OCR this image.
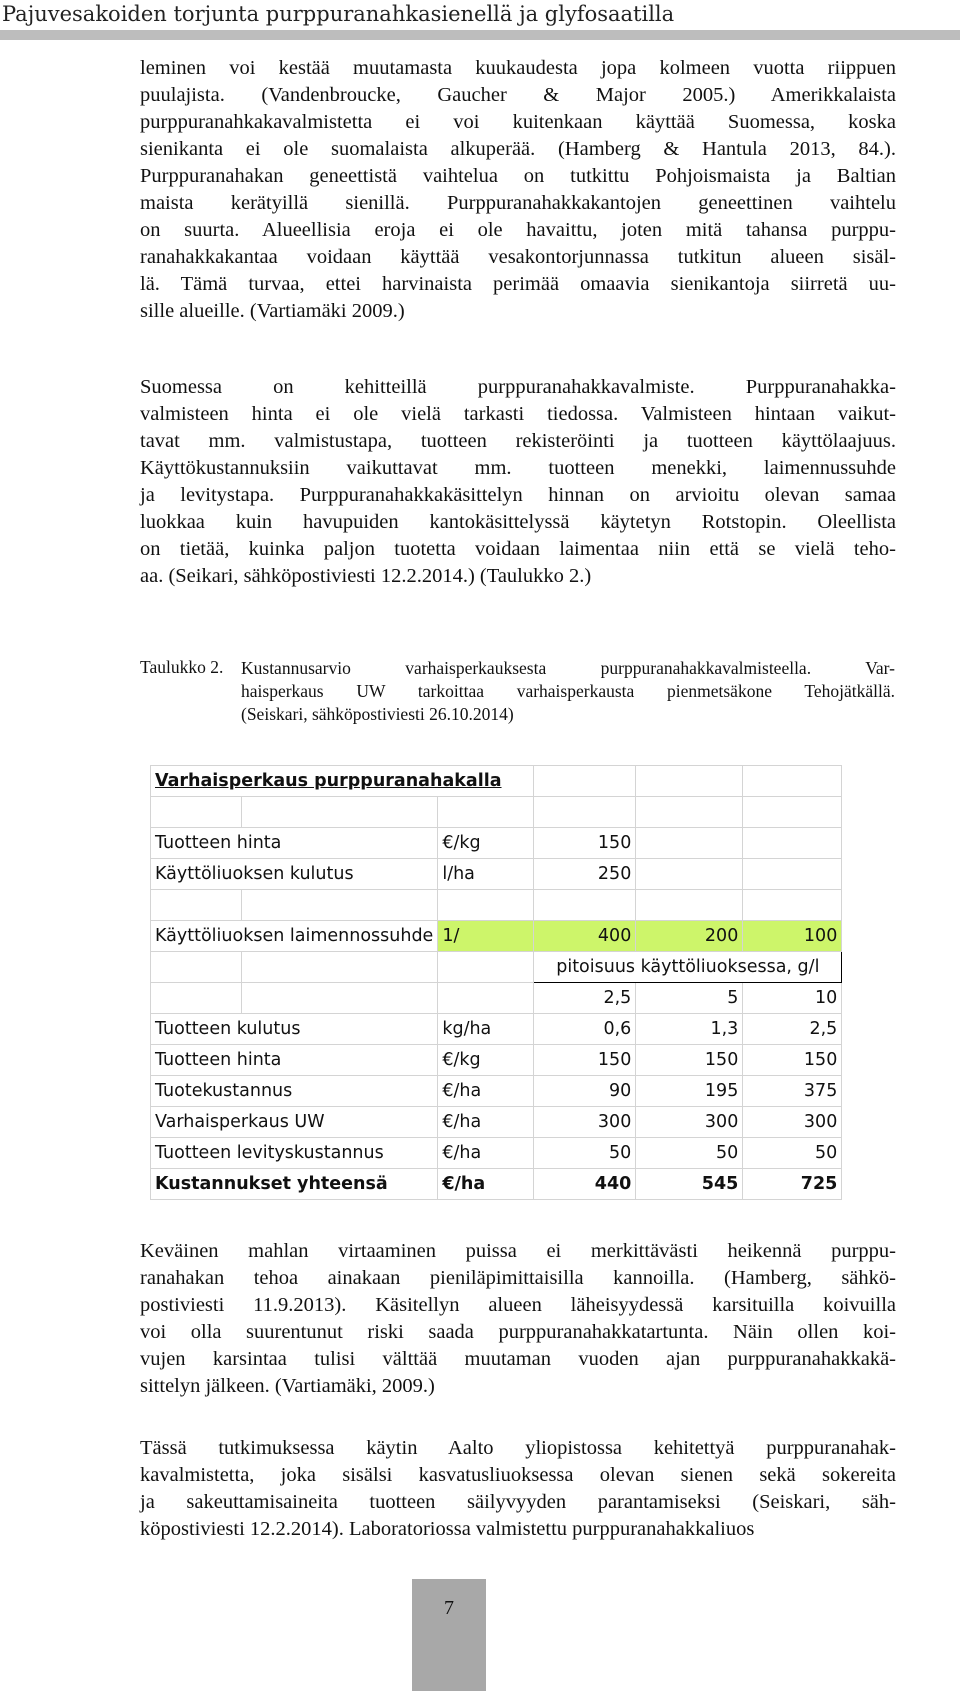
Pajuvesakoiden torjunta purppuranahkasienellä ja glyfosaatilla

leminen voi kestää muutamasta kuukaudesta jopa kolmeen vuotta riippuen
puulajista. (Vandenbroucke, Gaucher & Major 2005.) Amerikkalaista
purppuranahkakavalmistetta ei voi kuitenkaan käyttää Suomessa, koska
sienikanta ei ole suomalaista alkuperää. (Hamberg & Hantula 2013, 84.).
Purppuranahakan geneettistä vaihtelua on tutkittu Pohjoismaista ja Baltian
maista kerätyillä sienillä. Purppuranahakkakantojen geneettinen vaihtelu
on suurta. Alueellisia eroja ei ole havaittu, joten mitä tahansa purppu-
ranahakkakantaa voidaan käyttää vesakontorjunnassa tutkitun alueen sisäl-
lä. Tämä turvaa, ettei harvinaista perimää omaavia sienikantoja siirretä uu-
sille alueille. (Vartiamäki 2009.)

Suomessa on kehitteillä purppuranahakkavalmiste. Purppuranahakka-
valmisteen hinta ei ole vielä tarkasti tiedossa. Valmisteen hintaan vaikut-
tavat mm. valmistustapa, tuotteen rekisteröinti ja tuotteen käyttölaajuus.
Käyttökustannuksiin vaikuttavat mm. tuotteen menekki, laimennussuhde
ja levitystapa. Purppuranahakkakäsittelyn hinnan on arvioitu olevan samaa
luokkaa kuin havupuiden kantokäsittelyssä käytetyn Rotstopin. Oleellista
on tietää, kuinka paljon tuotetta voidaan laimentaa niin että se vielä teho-
aa. (Seikari, sähköpostiviesti 12.2.2014.) (Taulukko 2.)

Taulukko 2. Kustannusarvio varhaisperkauksesta purppuranahakkavalmisteella. Var-
haisperkaus UW tarkoittaa varhaisperkausta pienmetsäkone Tehojätkällä.
(Seiskari, sähköpostiviesti 26.10.2014)
Varhaisperkaus purppuranahakalla					

Tuotteen hinta		€/kg	150		
Käyttöliuoksen kulutus		l/ha	250		

Käyttöliuoksen laimennossuhde		1/	400	200	100
			pitoisuus käyttöliuoksessa, g/l		
			2,5	5	10
Tuotteen kulutus		kg/ha	0,6	1,3	2,5
Tuotteen hinta		€/kg	150	150	150
Tuotekustannus		€/ha	90	195	375
Varhaisperkaus UW		€/ha	300	300	300
Tuotteen levityskustannus		€/ha	50	50	50
Kustannukset yhteensä		€/ha	440	545	725

Keväinen mahlan virtaaminen puissa ei merkittävästi heikennä purppu-
ranahakan tehoa ainakaan pieniläpimittaisilla kannoilla. (Hamberg, sähkö-
postiviesti 11.9.2013). Käsitellyn alueen läheisyydessä karsituilla koivuilla
voi olla suurentunut riski saada purppuranahakkatartunta. Näin ollen koi-
vujen karsintaa tulisi välttää muutaman vuoden ajan purppuranahakkakä-
sittelyn jälkeen. (Vartiamäki, 2009.)

Tässä tutkimuksessa käytin Aalto yliopistossa kehitettyä purppuranahak-
kavalmistetta, joka sisälsi kasvatusliuoksessa olevan sienen sekä sokereita
ja sakeuttamisaineita tuotteen säilyvyyden parantamiseksi (Seiskari, säh-
köpostiviesti 12.2.2014). Laboratoriossa valmistettu purppuranahakkaliuos

7
